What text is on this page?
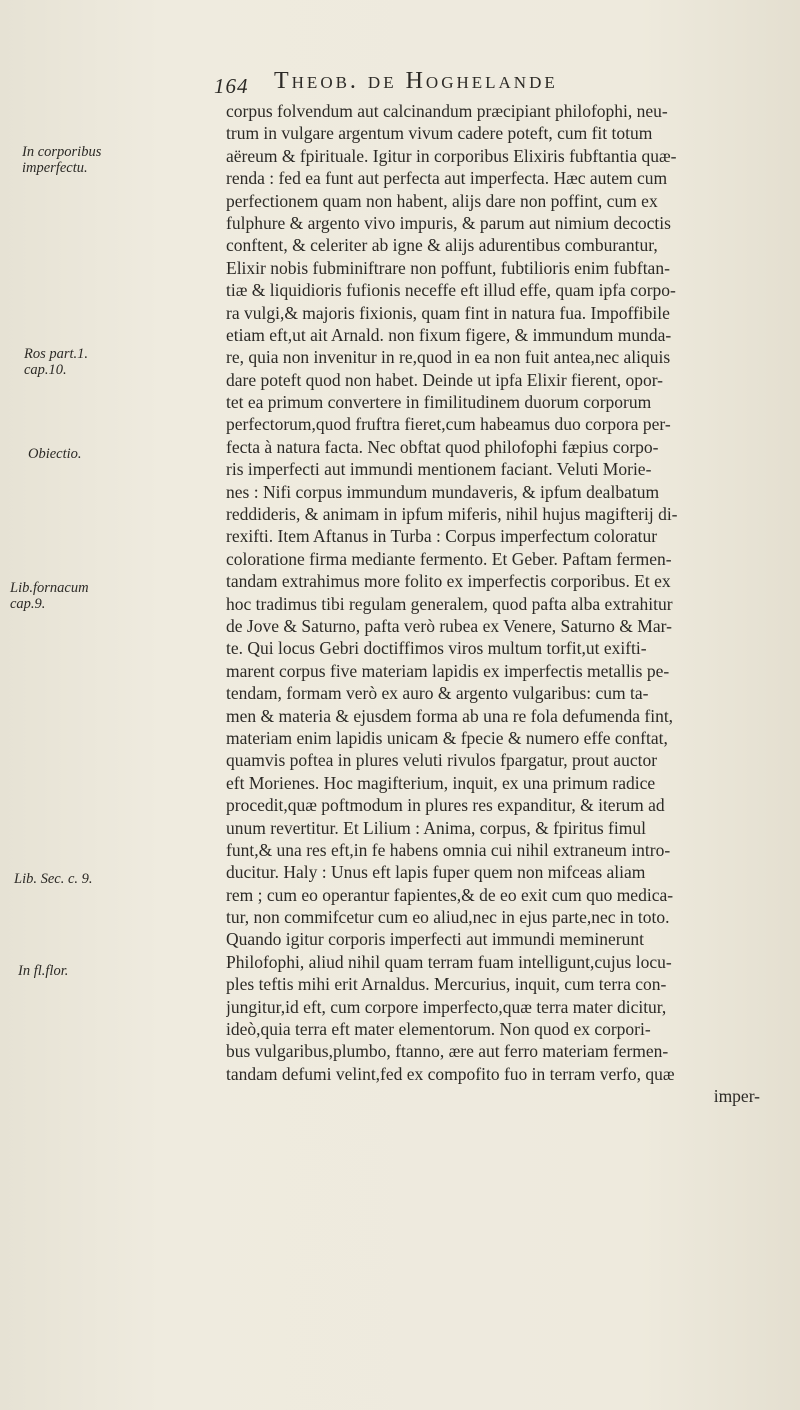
164 Theob. de Hoghelande
In corporibus
imperfectu.
Ros part.1.
cap.10.
Obiectio.
Lib.fornacum
cap.9.
Lib. Sec. c. 9.
In fl.flor.
corpus folvendum aut calcinandum præcipiant philofophi, neu-
trum in vulgare argentum vivum cadere poteft, cum fit totum
aëreum & fpirituale. Igitur in corporibus Elixiris fubftantia quæ-
renda : fed ea funt aut perfecta aut imperfecta. Hæc autem cum
perfectionem quam non habent, alijs dare non poffint, cum ex
fulphure & argento vivo impuris, & parum aut nimium decoctis
conftent, & celeriter ab igne & alijs adurentibus comburantur,
Elixir nobis fubminiftrare non poffunt, fubtilioris enim fubftan-
tiæ & liquidioris fufionis neceffe eft illud effe, quam ipfa corpo-
ra vulgi,& majoris fixionis, quam fint in natura fua. Impoffibile
etiam eft,ut ait Arnald. non fixum figere, & immundum munda-
re, quia non invenitur in re,quod in ea non fuit antea,nec aliquis
dare poteft quod non habet. Deinde ut ipfa Elixir fierent, opor-
tet ea primum convertere in fimilitudinem duorum corporum
perfectorum,quod fruftra fieret,cum habeamus duo corpora per-
fecta à natura facta. Nec obftat quod philofophi fæpius corpo-
ris imperfecti aut immundi mentionem faciant. Veluti Morie-
nes : Nifi corpus immundum mundaveris, & ipfum dealbatum
reddideris, & animam in ipfum miferis, nihil hujus magifterij di-
rexifti. Item Aftanus in Turba : Corpus imperfectum coloratur
coloratione firma mediante fermento. Et Geber. Paftam fermen-
tandam extrahimus more folito ex imperfectis corporibus. Et ex
hoc tradimus tibi regulam generalem, quod pafta alba extrahitur
de Jove & Saturno, pafta verò rubea ex Venere, Saturno & Mar-
te. Qui locus Gebri doctiffimos viros multum torfit,ut exifti-
marent corpus five materiam lapidis ex imperfectis metallis pe-
tendam, formam verò ex auro & argento vulgaribus: cum ta-
men & materia & ejusdem forma ab una re fola defumenda fint,
materiam enim lapidis unicam & fpecie & numero effe conftat,
quamvis poftea in plures veluti rivulos fpargatur, prout auctor
eft Morienes. Hoc magifterium, inquit, ex una primum radice
procedit,quæ poftmodum in plures res expanditur, & iterum ad
unum revertitur. Et Lilium : Anima, corpus, & fpiritus fimul
funt,& una res eft,in fe habens omnia cui nihil extraneum intro-
ducitur. Haly : Unus eft lapis fuper quem non mifceas aliam
rem ; cum eo operantur fapientes,& de eo exit cum quo medica-
tur, non commifcetur cum eo aliud,nec in ejus parte,nec in toto.
Quando igitur corporis imperfecti aut immundi meminerunt
Philofophi, aliud nihil quam terram fuam intelligunt,cujus locu-
ples teftis mihi erit Arnaldus. Mercurius, inquit, cum terra con-
jungitur,id eft, cum corpore imperfecto,quæ terra mater dicitur,
ideò,quia terra eft mater elementorum. Non quod ex corpori-
bus vulgaribus,plumbo, ftanno, ære aut ferro materiam fermen-
tandam defumi velint,fed ex compofito fuo in terram verfo, quæ
imper-
